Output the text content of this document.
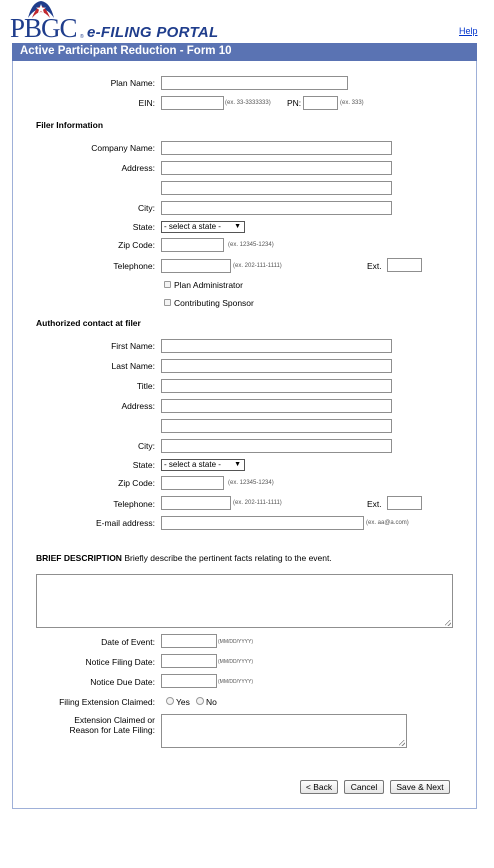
PBGC ® e-FILING PORTAL	Help
Active Participant Reduction - Form 10
Plan Name:
EIN:	(ex. 33-3333333) PN:	(ex. 333)
Filer Information
Company Name:
Address:
City:
State:	- select a state - ▼
Zip Code:	(ex. 12345-1234)
Telephone:	(ex. 202-111-1111)	Ext.
Plan Administrator
Contributing Sponsor
Authorized contact at filer
First Name:
Last Name:
Title:
Address:
City:
State:	- select a state - ▼
Zip Code:	(ex. 12345-1234)
Telephone:	(ex. 202-111-1111)	Ext.
E-mail address:	(ex. aa@a.com)
BRIEF DESCRIPTION Briefly describe the pertinent facts relating to the event.
Date of Event:	(MM/DD/YYYY)
Notice Filing Date:	(MM/DD/YYYY)
Notice Due Date:	(MM/DD/YYYY)
Filing Extension Claimed: Yes No
Extension Claimed or
Reason for Late Filing:
< Back	Cancel	Save & Next
